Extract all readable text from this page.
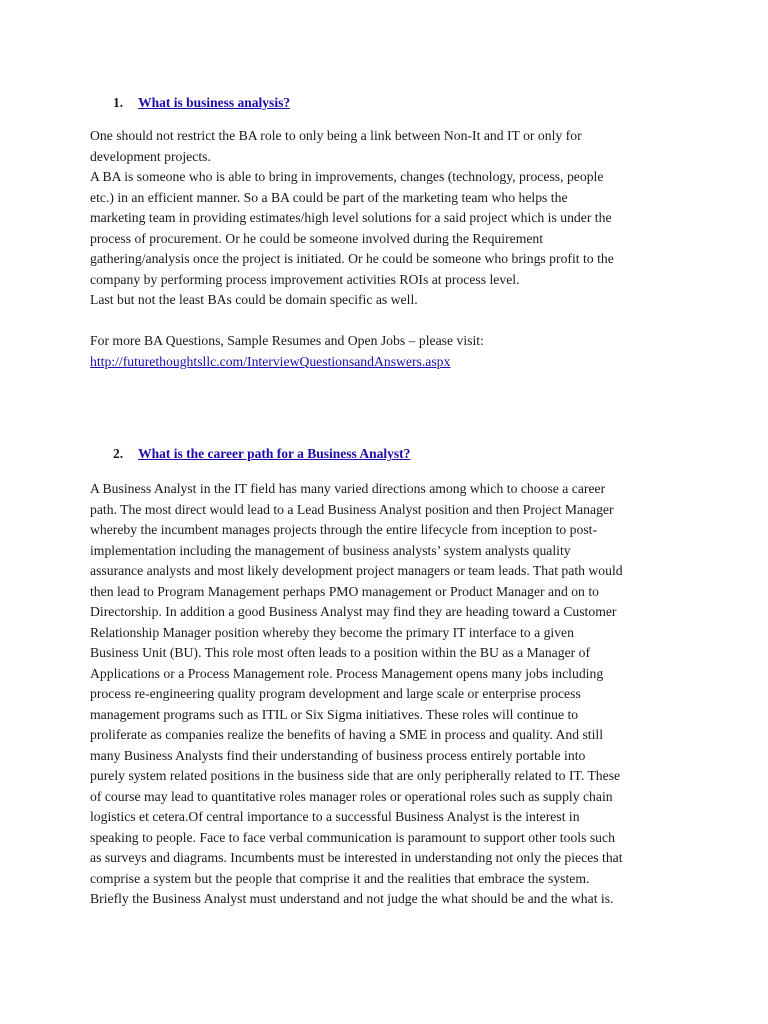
1. What is business analysis?

One should not restrict the BA role to only being a link between Non-It and IT or only for

development projects.

A BA is someone who is able to bring in improvements, changes (technology, process, people

etc.) in an efficient manner. So a BA could be part of the marketing team who helps the

marketing team in providing estimates/high level solutions for a said project which is under the

process of procurement. Or he could be someone involved during the Requirement

gathering/analysis once the project is initiated. Or he could be someone who brings profit to the

company by performing process improvement activities ROIs at process level.

Last but not the least BAs could be domain specific as well.

For more BA Questions, Sample Resumes and Open Jobs – please visit:

http://futurethoughtsllc.com/InterviewQuestionsandAnswers.aspx

2. What is the career path for a Business Analyst?

A Business Analyst in the IT field has many varied directions among which to choose a career

path. The most direct would lead to a Lead Business Analyst position and then Project Manager

whereby the incumbent manages projects through the entire lifecycle from inception to post-

implementation including the management of business analysts’ system analysts quality

assurance analysts and most likely development project managers or team leads. That path would

then lead to Program Management perhaps PMO management or Product Manager and on to

Directorship. In addition a good Business Analyst may find they are heading toward a Customer

Relationship Manager position whereby they become the primary IT interface to a given

Business Unit (BU). This role most often leads to a position within the BU as a Manager of

Applications or a Process Management role. Process Management opens many jobs including

process re-engineering quality program development and large scale or enterprise process

management programs such as ITIL or Six Sigma initiatives. These roles will continue to

proliferate as companies realize the benefits of having a SME in process and quality. And still

many Business Analysts find their understanding of business process entirely portable into

purely system related positions in the business side that are only peripherally related to IT. These

of course may lead to quantitative roles manager roles or operational roles such as supply chain

logistics et cetera.Of central importance to a successful Business Analyst is the interest in

speaking to people. Face to face verbal communication is paramount to support other tools such

as surveys and diagrams. Incumbents must be interested in understanding not only the pieces that

comprise a system but the people that comprise it and the realities that embrace the system.

Briefly the Business Analyst must understand and not judge the what should be and the what is.
